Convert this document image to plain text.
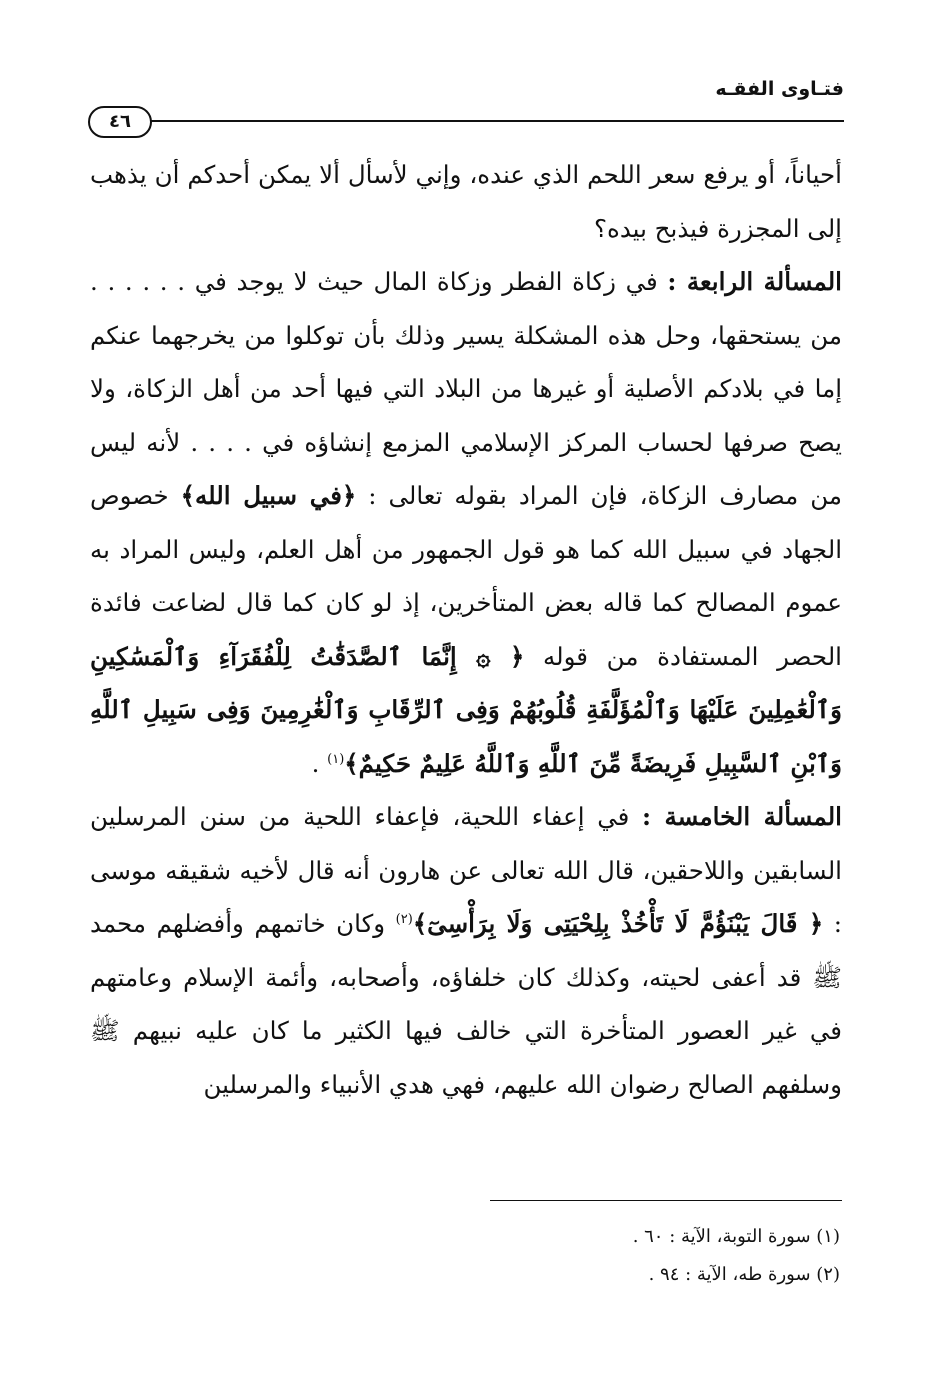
فتـاوى الفقـه
٤٦

أحياناً، أو يرفع سعر اللحم الذي عنده، وإني لأسأل ألا يمكن أحدكم أن يذهب إلى المجزرة فيذبح بيده؟

المسألة الرابعة : في زكاة الفطر وزكاة المال حيث لا يوجد في . . . . . . من يستحقها، وحل هذه المشكلة يسير وذلك بأن توكلوا من يخرجهما عنكم إما في بلادكم الأصلية أو غيرها من البلاد التي فيها أحد من أهل الزكاة، ولا يصح صرفها لحساب المركز الإسلامي المزمع إنشاؤه في . . . . لأنه ليس من مصارف الزكاة، فإن المراد بقوله تعالى : ﴿في سبيل الله﴾ خصوص الجهاد في سبيل الله كما هو قول الجمهور من أهل العلم، وليس المراد به عموم المصالح كما قاله بعض المتأخرين، إذ لو كان كما قال لضاعت فائدة الحصر المستفادة من قوله ﴿ ۞ إِنَّمَا ٱلصَّدَقَٰتُ لِلْفُقَرَآءِ وَٱلْمَسَٰكِينِ وَٱلْعَٰمِلِينَ عَلَيْهَا وَٱلْمُؤَلَّفَةِ قُلُوبُهُمْ وَفِى ٱلرِّقَابِ وَٱلْغَٰرِمِينَ وَفِى سَبِيلِ ٱللَّهِ وَٱبْنِ ٱلسَّبِيلِ فَرِيضَةً مِّنَ ٱللَّهِ وَٱللَّهُ عَلِيمٌ حَكِيمٌ﴾$^{(١)}$ .

المسألة الخامسة : في إعفاء اللحية، فإعفاء اللحية من سنن المرسلين السابقين واللاحقين، قال الله تعالى عن هارون أنه قال لأخيه شقيقه موسى : ﴿ قَالَ يَبْنَؤُمَّ لَا تَأْخُذْ بِلِحْيَتِى وَلَا بِرَأْسِىٓ﴾$^{(٢)}$ وكان خاتمهم وأفضلهم محمد ﷺ قد أعفى لحيته، وكذلك كان خلفاؤه، وأصحابه، وأئمة الإسلام وعامتهم في غير العصور المتأخرة التي خالف فيها الكثير ما كان عليه نبيهم ﷺ وسلفهم الصالح رضوان الله عليهم، فهي هدي الأنبياء والمرسلين

(١) سورة التوبة، الآية : ٦٠ .

(٢) سورة طه، الآية : ٩٤ .
